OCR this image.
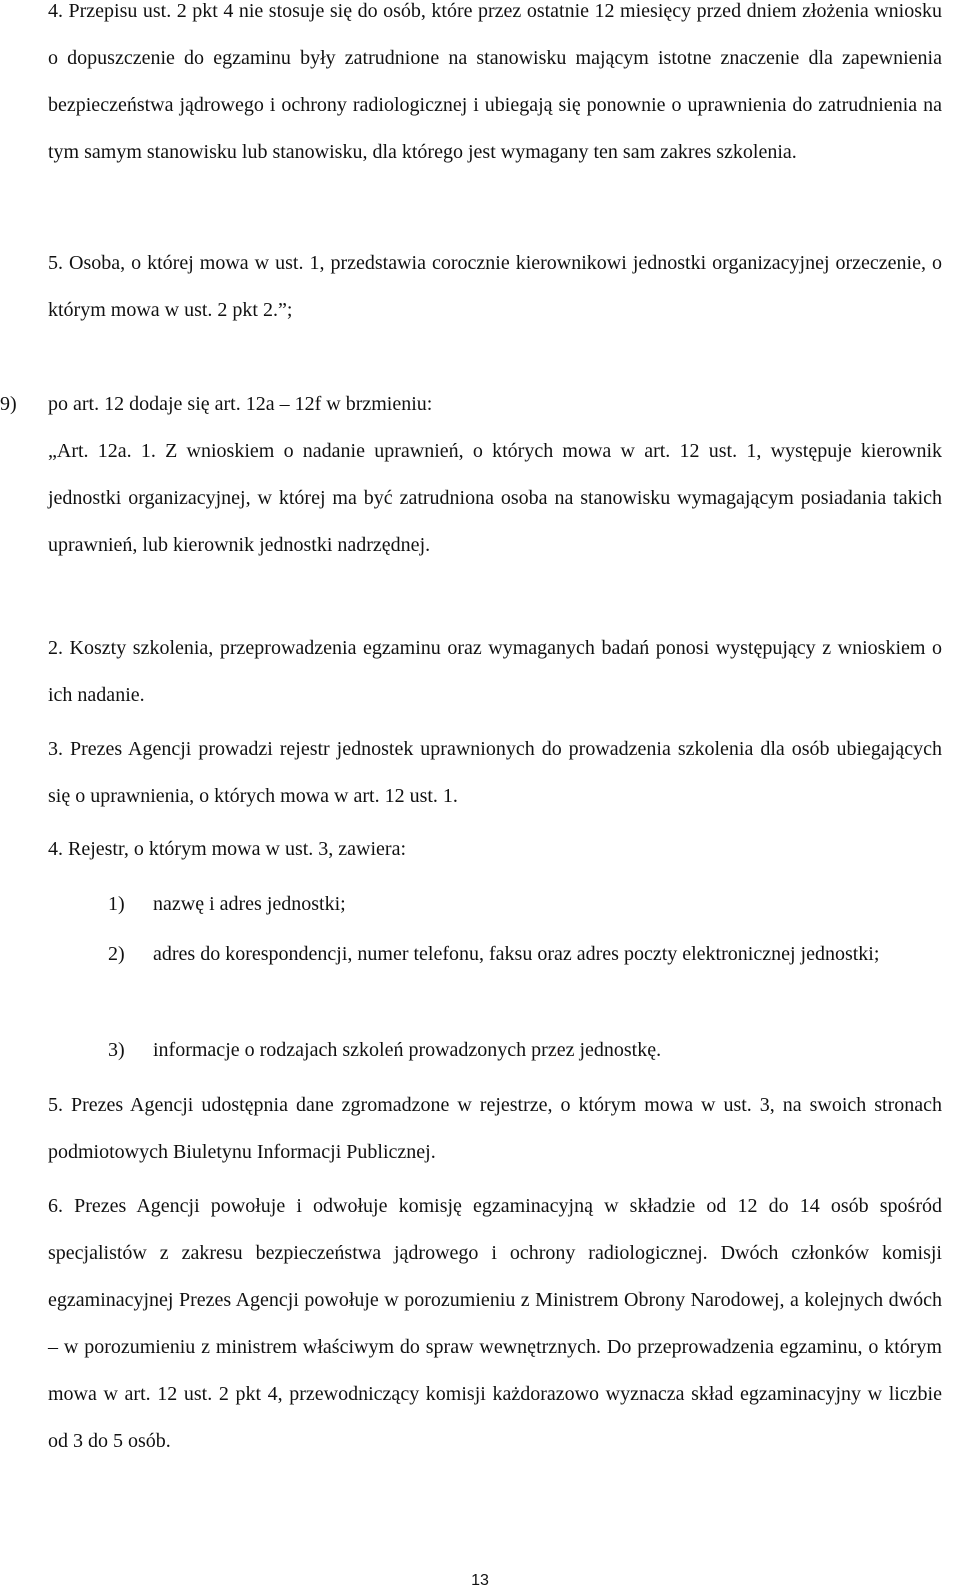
4. Przepisu ust. 2 pkt 4 nie stosuje się do osób, które przez ostatnie 12 miesięcy przed dniem złożenia wniosku o dopuszczenie do egzaminu były zatrudnione na stanowisku mającym istotne znaczenie dla zapewnienia bezpieczeństwa jądrowego i ochrony radiologicznej i ubiegają się ponownie o uprawnienia do zatrudnienia na tym samym stanowisku lub stanowisku, dla którego jest wymagany ten sam zakres szkolenia.

5. Osoba, o której mowa w ust. 1, przedstawia corocznie kierownikowi jednostki organizacyjnej orzeczenie, o którym mowa w ust. 2 pkt 2.”;

9)	po art. 12 dodaje się art. 12a – 12f w brzmieniu:

„Art. 12a. 1. Z wnioskiem o nadanie uprawnień, o których mowa w art. 12 ust. 1, występuje kierownik jednostki organizacyjnej, w której ma być zatrudniona osoba na stanowisku wymagającym posiadania takich uprawnień, lub kierownik jednostki nadrzędnej.

2. Koszty szkolenia, przeprowadzenia egzaminu oraz wymaganych badań ponosi występujący z wnioskiem o ich nadanie.

3. Prezes Agencji prowadzi rejestr jednostek uprawnionych do prowadzenia szkolenia dla osób ubiegających się o uprawnienia, o których mowa w art. 12 ust. 1.

4. Rejestr, o którym mowa w ust. 3, zawiera:

1)	nazwę i adres jednostki;
2)	adres do korespondencji, numer telefonu, faksu oraz adres poczty elektronicznej jednostki;
3)	informacje o rodzajach szkoleń prowadzonych przez jednostkę.

5. Prezes Agencji udostępnia dane zgromadzone w rejestrze, o którym mowa w ust. 3, na swoich stronach podmiotowych Biuletynu Informacji Publicznej.

6. Prezes Agencji powołuje i odwołuje komisję egzaminacyjną w składzie od 12 do 14 osób spośród specjalistów z zakresu bezpieczeństwa jądrowego i ochrony radiologicznej. Dwóch członków komisji egzaminacyjnej Prezes Agencji powołuje w porozumieniu z Ministrem Obrony Narodowej, a kolejnych dwóch – w porozumieniu z ministrem właściwym do spraw wewnętrznych. Do przeprowadzenia egzaminu, o którym mowa w art. 12 ust. 2 pkt 4, przewodniczący komisji każdorazowo wyznacza skład egzaminacyjny w liczbie od 3 do 5 osób.

13
